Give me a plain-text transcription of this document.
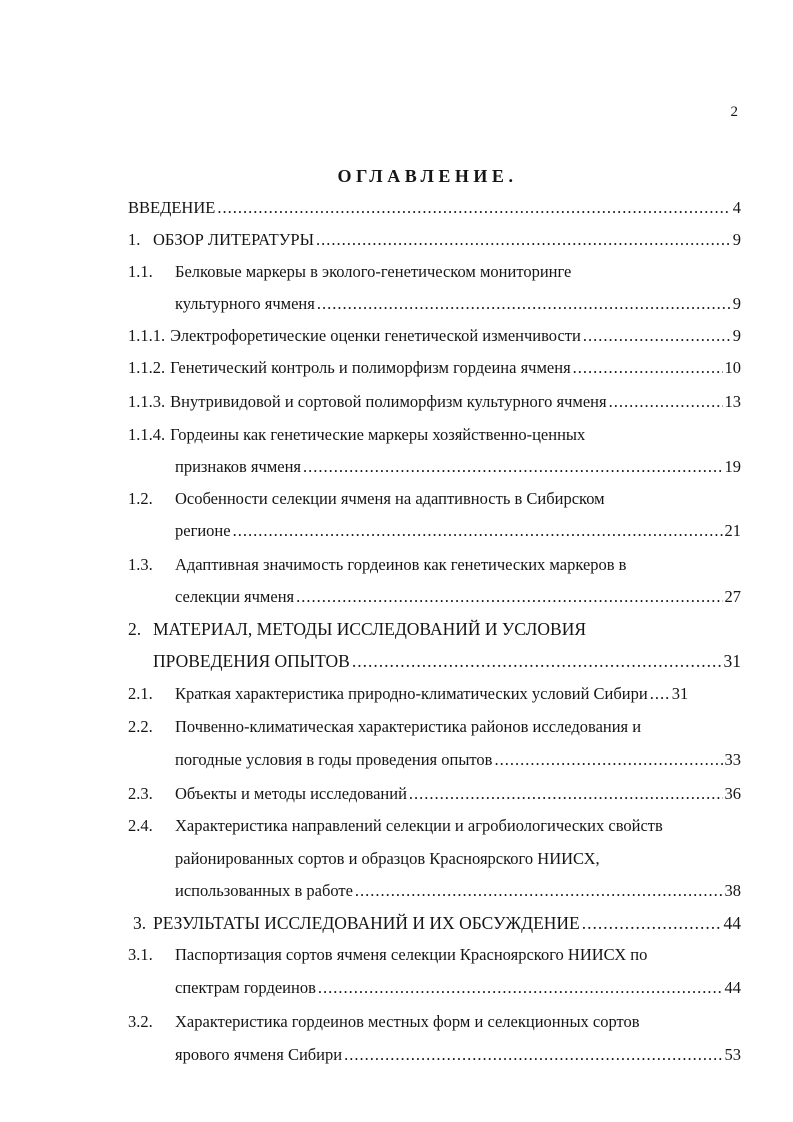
2
ОГЛАВЛЕНИЕ.
ВВЕДЕНИЕ .....	4
1. ОБЗОР ЛИТЕРАТУРЫ .....	9
1.1.	Белковые маркеры в эколого-генетическом мониторинге
культурного ячменя .....	9
1.1.1. Электрофоретические оценки генетической изменчивости .....	9
1.1.2. Генетический контроль и полиморфизм гордеина ячменя .....	10
1.1.3. Внутривидовой и сортовой полиморфизм культурного ячменя .....	13
1.1.4. Гордеины как генетические маркеры хозяйственно-ценных
признаков ячменя .....	19
1.2.	Особенности селекции ячменя на адаптивность в Сибирском
регионе .....	21
1.3.	Адаптивная значимость гордеинов как генетических маркеров в
селекции ячменя .....	27
2. МАТЕРИАЛ, МЕТОДЫ ИССЛЕДОВАНИЙ И УСЛОВИЯ
ПРОВЕДЕНИЯ ОПЫТОВ .....	31
2.1.	Краткая характеристика природно-климатических условий Сибири ..... 31
2.2.	Почвенно-климатическая характеристика районов исследования и
погодные условия в годы проведения опытов .....	33
2.3.	Объекты и методы исследований .....	36
2.4.	Характеристика направлений селекции и агробиологических свойств
районированных сортов и образцов Красноярского НИИСХ,
использованных в работе .....	38
3. РЕЗУЛЬТАТЫ ИССЛЕДОВАНИЙ И ИХ ОБСУЖДЕНИЕ .....	44
3.1.	Паспортизация сортов ячменя селекции Красноярского НИИСХ по
спектрам гордеинов .....	44
3.2.	Характеристика гордеинов местных форм и селекционных сортов
ярового ячменя Сибири .....	53
